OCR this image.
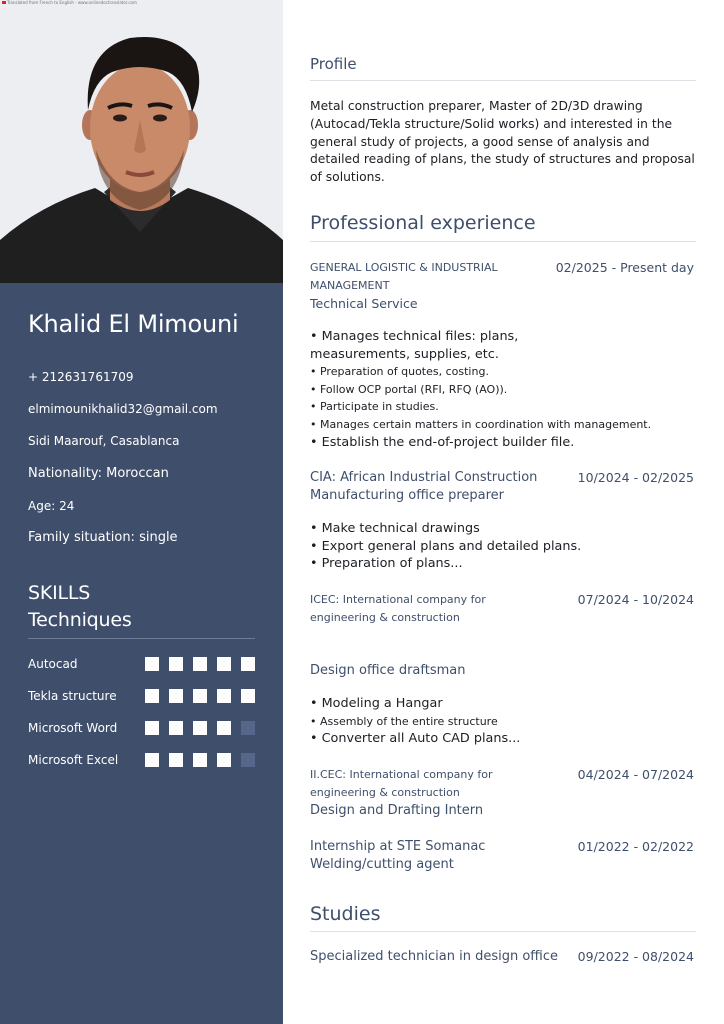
Translated from French to English - www.onlinedoctranslator.com
Khalid El Mimouni
+ 212631761709
elmimounikhalid32@gmail.com
Sidi Maarouf, Casablanca
Nationality: Moroccan
Age: 24
Family situation: single
SKILLS
Techniques
Autocad
Tekla structure
Microsoft Word
Microsoft Excel
Profile
Metal construction preparer, Master of 2D/3D drawing (Autocad/Tekla structure/Solid works) and interested in the general study of projects, a good sense of analysis and detailed reading of plans, the study of structures and proposal of solutions.
Professional experience
GENERAL LOGISTIC & INDUSTRIAL MANAGEMENT
02/2025 - Present day
Technical Service
• Manages technical files: plans,
measurements, supplies, etc.
• Preparation of quotes, costing.
• Follow OCP portal (RFI, RFQ (AO)).
• Participate in studies.
• Manages certain matters in coordination with management.
• Establish the end-of-project builder file.
CIA: African Industrial Construction	10/2024 - 02/2025
Manufacturing office preparer
• Make technical drawings
• Export general plans and detailed plans.
• Preparation of plans...
ICEC: International company for engineering & construction
07/2024 - 10/2024
Design office draftsman
• Modeling a Hangar
• Assembly of the entire structure
• Converter all Auto CAD plans...
II.CEC: International company for engineering & construction
04/2024 - 07/2024
Design and Drafting Intern
Internship at STE Somanac	01/2022 - 02/2022
Welding/cutting agent
Studies
Specialized technician in design office 09/2022 - 08/2024
